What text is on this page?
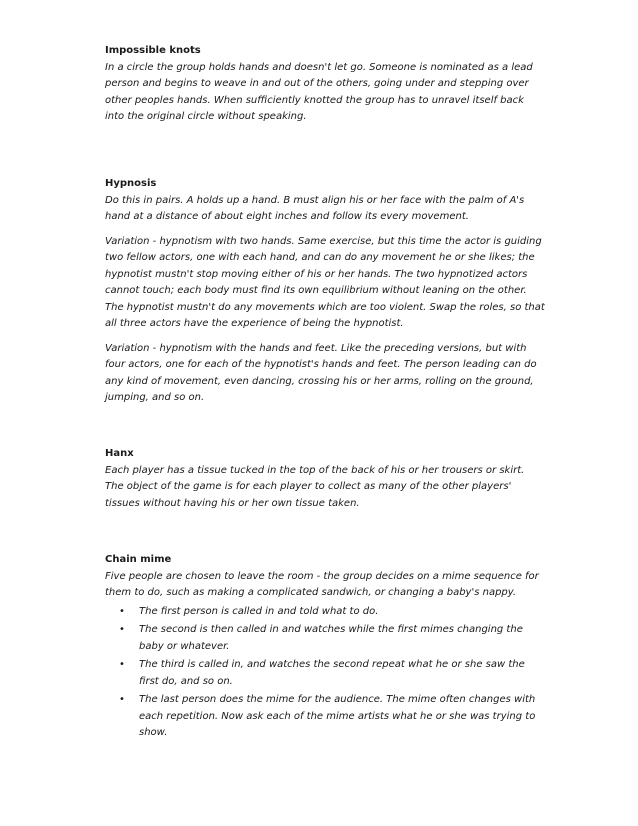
Impossible knots

In a circle the group holds hands and doesn't let go. Someone is nominated as a lead person and begins to weave in and out of the others, going under and stepping over other peoples hands. When sufficiently knotted the group has to unravel itself back into the original circle without speaking.

Hypnosis

Do this in pairs. A holds up a hand. B must align his or her face with the palm of A's hand at a distance of about eight inches and follow its every movement.

Variation - hypnotism with two hands. Same exercise, but this time the actor is guiding two fellow actors, one with each hand, and can do any movement he or she likes; the hypnotist mustn't stop moving either of his or her hands. The two hypnotized actors cannot touch; each body must find its own equilibrium without leaning on the other. The hypnotist mustn't do any movements which are too violent. Swap the roles, so that all three actors have the experience of being the hypnotist.

Variation - hypnotism with the hands and feet. Like the preceding versions, but with four actors, one for each of the hypnotist's hands and feet. The person leading can do any kind of movement, even dancing, crossing his or her arms, rolling on the ground, jumping, and so on.

Hanx

Each player has a tissue tucked in the top of the back of his or her trousers or skirt. The object of the game is for each player to collect as many of the other players' tissues without having his or her own tissue taken.

Chain mime

Five people are chosen to leave the room - the group decides on a mime sequence for them to do, such as making a complicated sandwich, or changing a baby's nappy.

• The first person is called in and told what to do.
• The second is then called in and watches while the first mimes changing the baby or whatever.
• The third is called in, and watches the second repeat what he or she saw the first do, and so on.
• The last person does the mime for the audience. The mime often changes with each repetition. Now ask each of the mime artists what he or she was trying to show.
